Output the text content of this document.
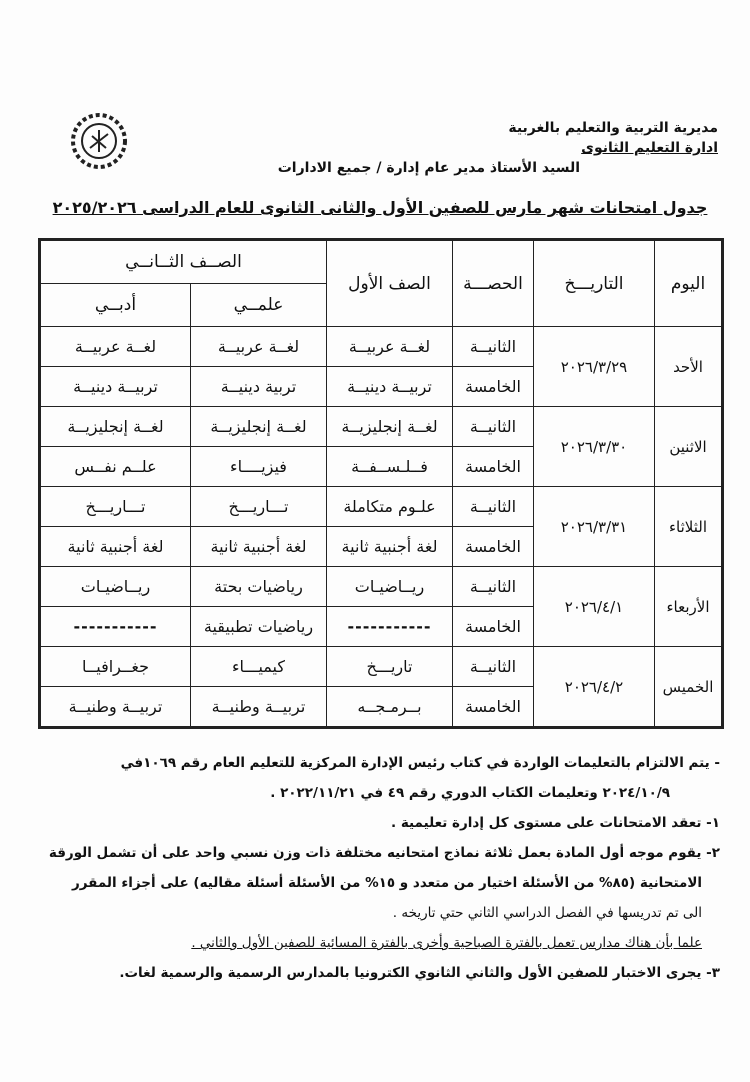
مديرية التربية والتعليم بالغربية
ادارة التعليم الثانوى
السيد الأستاذ مدير عام إدارة / جميع الادارات
جدول امتحانات شهر مارس للصفين الأول والثانى الثانوى للعام الدراسى ٢٠٢٥/٢٠٢٦
اليوم	التاريـــخ	الحصـــة	الصف الأول	الصــف الثــانــي	
				علمــي	أدبــي
الأحد	٢٠٢٦/٣/٢٩	الثانيــة	لغــة عربيــة	لغــة عربيــة	لغــة عربيــة
		الخامسة	تربيــة دينيــة	تربية دينيــة	تربيــة دينيــة
الاثنين	٢٠٢٦/٣/٣٠	الثانيــة	لغــة إنجليزيــة	لغــة إنجليزيــة	لغــة إنجليزيــة
		الخامسة	فــلـســفــة	فيزيــــاء	علــم نفــس
الثلاثاء	٢٠٢٦/٣/٣١	الثانيــة	علـوم متكاملة	تـــاريـــخ	تـــاريـــخ
		الخامسة	لغة أجنبية ثانية	لغة أجنبية ثانية	لغة أجنبية ثانية
الأربعاء	٢٠٢٦/٤/١	الثانيــة	ريــاضيـات	رياضيات بحتة	ريــاضيـات
		الخامسة	-----------	رياضيات تطبيقية	-----------
الخميس	٢٠٢٦/٤/٢	الثانيــة	تاريـــخ	كيميـــاء	جغــرافيــا
		الخامسة	بــرمـجــه	تربيــة وطنيــة	تربيــة وطنيــة

- يتم الالتزام بالتعليمات الواردة في كتاب رئيس الإدارة المركزية للتعليم العام رقم ١٠٦٩في

٢٠٢٤/١٠/٩ وتعليمات الكتاب الدوري رقم ٤٩ في ٢٠٢٢/١١/٢١ .

١- تعقد الامتحانات على مستوى كل إدارة تعليمية .

٢- يقوم موجه أول المادة بعمل ثلاثة نماذج امتحانيه مختلفة ذات وزن نسبي واحد على أن تشمل الورقة

الامتحانية (٨٥% من الأسئلة اختيار من متعدد و ١٥% من الأسئلة أسئلة مقاليه) على أجزاء المقرر

الى تم تدريسها في الفصل الدراسي الثاني حتي تاريخه .

علما بأن هناك مدارس تعمل بالفترة الصباحية وأخرى بالفترة المسائية للصفين الأول والثاني .

٣- يجرى الاختبار للصفين الأول والثاني الثانوي الكترونيا بالمدارس الرسمية والرسمية لغات.
